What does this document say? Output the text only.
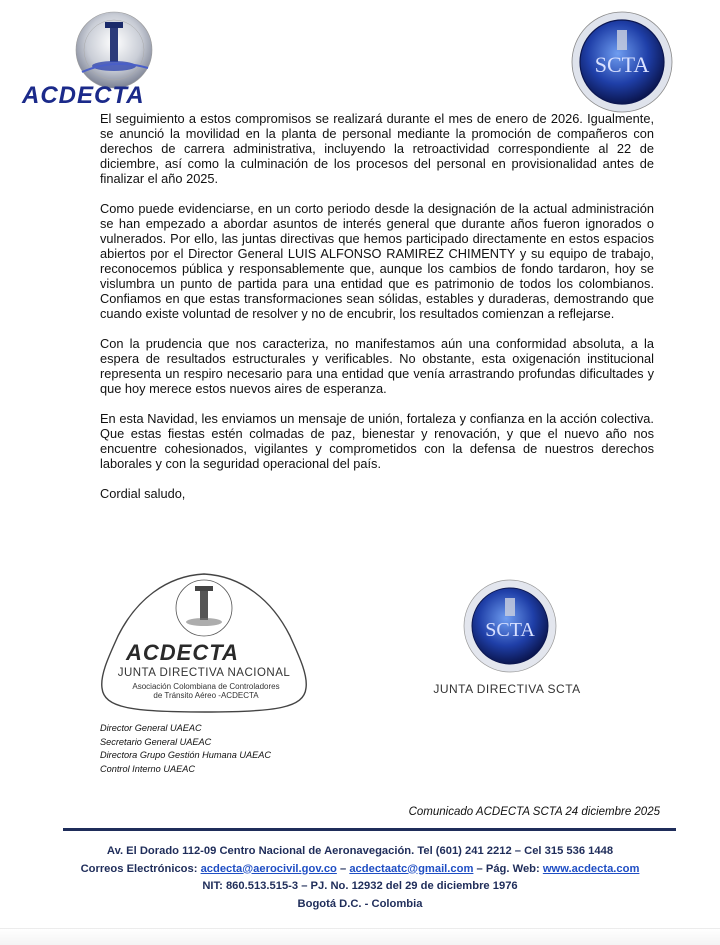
ACDECTA
SCTA

El seguimiento a estos compromisos se realizará durante el mes de enero de 2026. Igualmente, se anunció la movilidad en la planta de personal mediante la promoción de compañeros con derechos de carrera administrativa, incluyendo la retroactividad correspondiente al 22 de diciembre, así como la culminación de los procesos del personal en provisionalidad antes de finalizar el año 2025.

Como puede evidenciarse, en un corto periodo desde la designación de la actual administración se han empezado a abordar asuntos de interés general que durante años fueron ignorados o vulnerados. Por ello, las juntas directivas que hemos participado directamente en estos espacios abiertos por el Director General LUIS ALFONSO RAMIREZ CHIMENTY y su equipo de trabajo, reconocemos pública y responsablemente que, aunque los cambios de fondo tardaron, hoy se vislumbra un punto de partida para una entidad que es patrimonio de todos los colombianos. Confiamos en que estas transformaciones sean sólidas, estables y duraderas, demostrando que cuando existe voluntad de resolver y no de encubrir, los resultados comienzan a reflejarse.

Con la prudencia que nos caracteriza, no manifestamos aún una conformidad absoluta, a la espera de resultados estructurales y verificables. No obstante, esta oxigenación institucional representa un respiro necesario para una entidad que venía arrastrando profundas dificultades y que hoy merece estos nuevos aires de esperanza.

En esta Navidad, les enviamos un mensaje de unión, fortaleza y confianza en la acción colectiva. Que estas fiestas estén colmadas de paz, bienestar y renovación, y que el nuevo año nos encuentre cohesionados, vigilantes y comprometidos con la defensa de nuestros derechos laborales y con la seguridad operacional del país.

Cordial saludo,

ACDECTA
JUNTA DIRECTIVA NACIONAL
Asociación Colombiana de Controladores
de Tránsito Aéreo -ACDECTA
SCTA
JUNTA DIRECTIVA SCTA
Director General UAEAC
Secretario General UAEAC
Directora Grupo Gestión Humana UAEAC
Control Interno UAEAC
Comunicado ACDECTA SCTA 24 diciembre 2025
Av. El Dorado 112-09 Centro Nacional de Aeronavegación. Tel (601) 241 2212 – Cel 315 536 1448
Correos Electrónicos: acdecta@aerocivil.gov.co – acdectaatc@gmail.com – Pág. Web: www.acdecta.com
NIT: 860.513.515-3 – PJ. No. 12932 del 29 de diciembre 1976
Bogotá D.C. - Colombia
